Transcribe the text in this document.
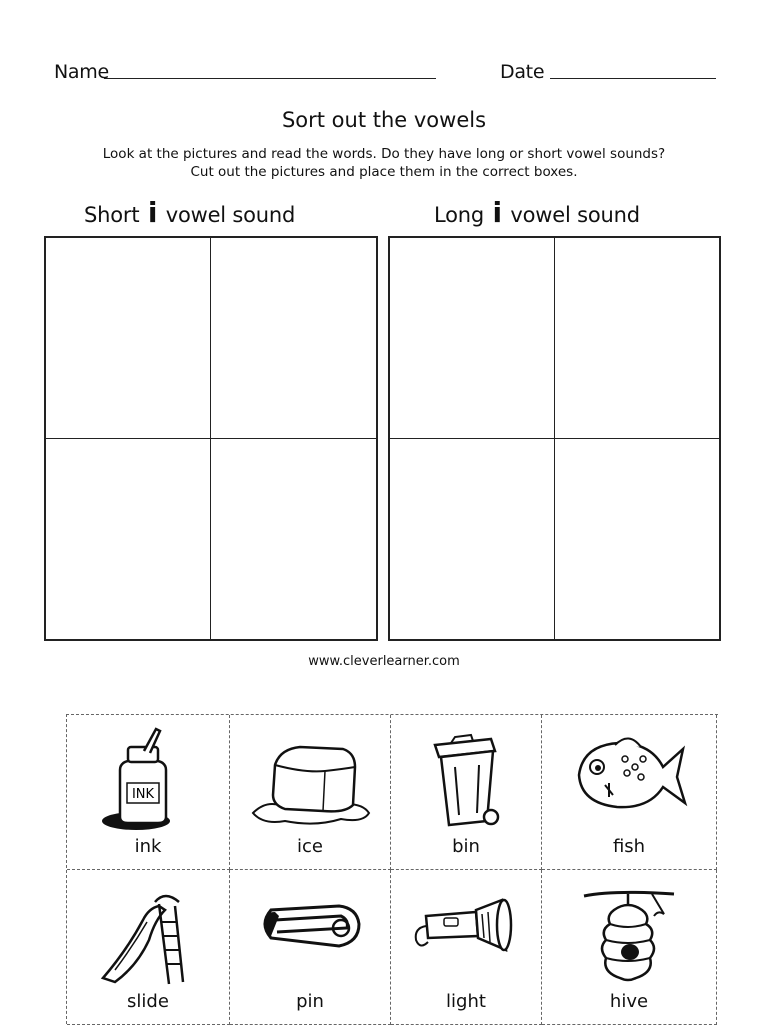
Name	Date
Sort out the vowels
Look at the pictures and read the words. Do they have long or short vowel sounds?
Cut out the pictures and place them in the correct boxes.
Short i vowel sound	Long i vowel sound
www.cleverlearner.com
INK
ink	ice	bin	fish
slide	pin	light	hive
